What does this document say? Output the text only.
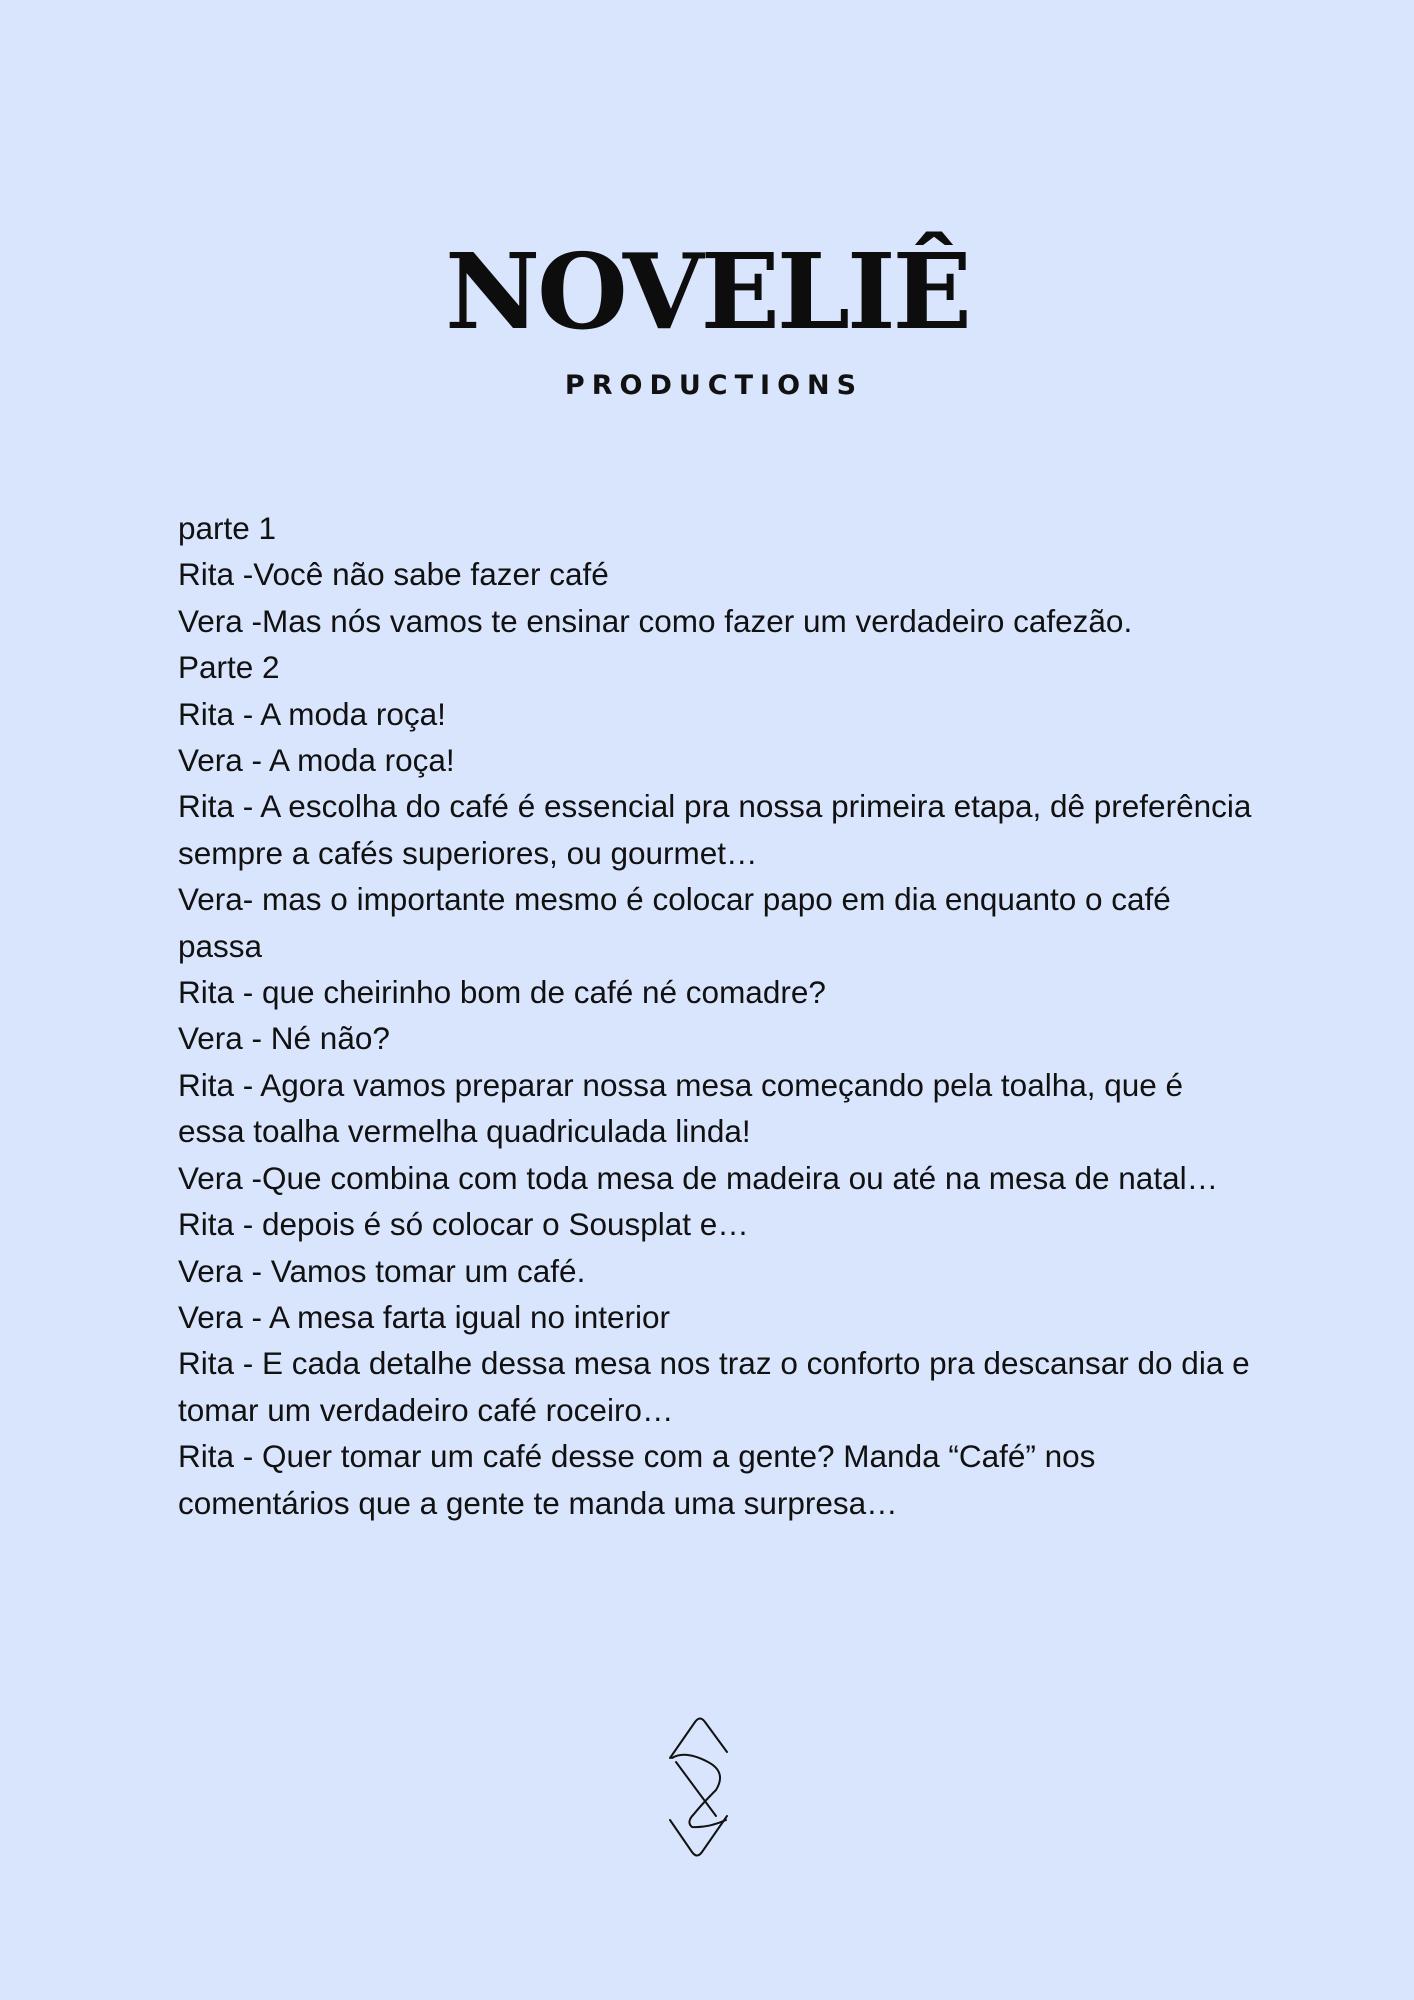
NOVELIÊ
PRODUCTIONS
parte 1
Rita -Você não sabe fazer café
Vera -Mas nós vamos te ensinar como fazer um verdadeiro cafezão.
Parte 2
Rita - A moda roça!
Vera - A moda roça!
Rita - A escolha do café é essencial pra nossa primeira etapa, dê preferência sempre a cafés superiores, ou gourmet…
Vera- mas o importante mesmo é colocar papo em dia enquanto o café passa
Rita - que cheirinho bom de café né comadre?
Vera - Né não?
Rita - Agora vamos preparar nossa mesa começando pela toalha, que é essa toalha vermelha quadriculada linda!
Vera -Que combina com toda mesa de madeira ou até na mesa de natal…
Rita - depois é só colocar o Sousplat e…
Vera - Vamos tomar um café.
Vera - A mesa farta igual no interior
Rita - E cada detalhe dessa mesa nos traz o conforto pra descansar do dia e tomar um verdadeiro café roceiro…
Rita - Quer tomar um café desse com a gente? Manda “Café” nos comentários que a gente te manda uma surpresa…
